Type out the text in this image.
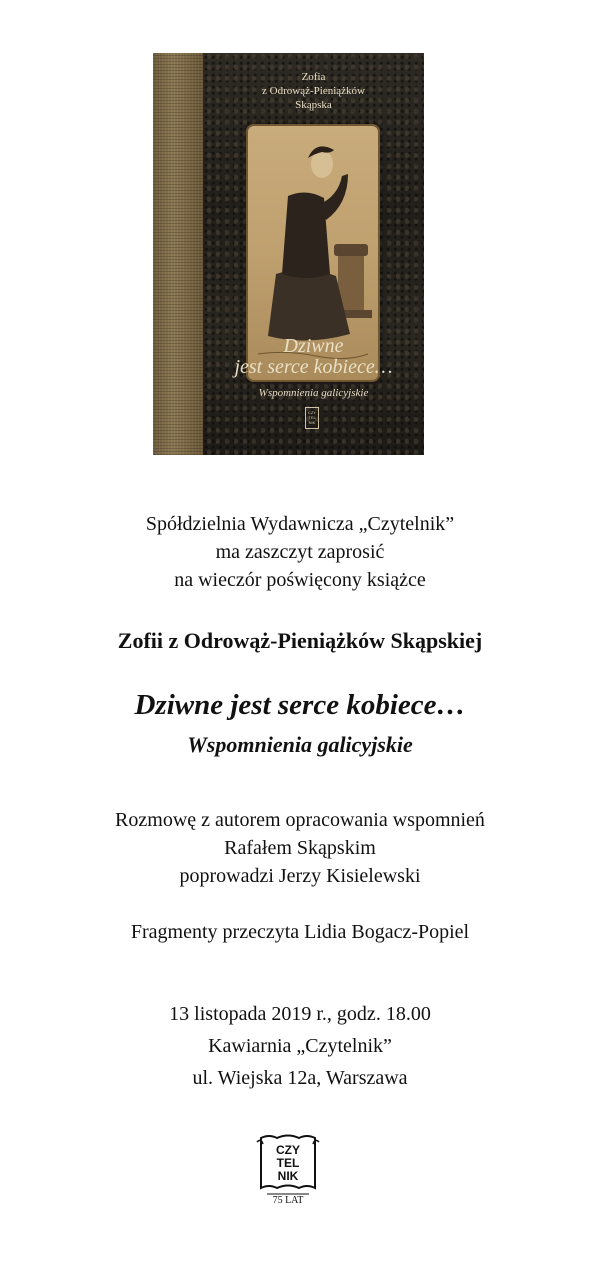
Zofia
z Odrowąż-Pieniążków
Skąpska
Dziwne
jest serce kobiece…
Wspomnienia galicyjskie
CZY
TEL
NIK
Spółdzielnia Wydawnicza „Czytelnik”
ma zaszczyt zaprosić
na wieczór poświęcony książce
Zofii z Odrowąż-Pieniążków Skąpskiej
Dziwne jest serce kobiece…
Wspomnienia galicyjskie
Rozmowę z autorem opracowania wspomnień
Rafałem Skąpskim
poprowadzi Jerzy Kisielewski
Fragmenty przeczyta Lidia Bogacz-Popiel
13 listopada 2019 r., godz. 18.00
Kawiarnia „Czytelnik”
ul. Wiejska 12a, Warszawa
CZY
TEL
NIK
75 LAT
